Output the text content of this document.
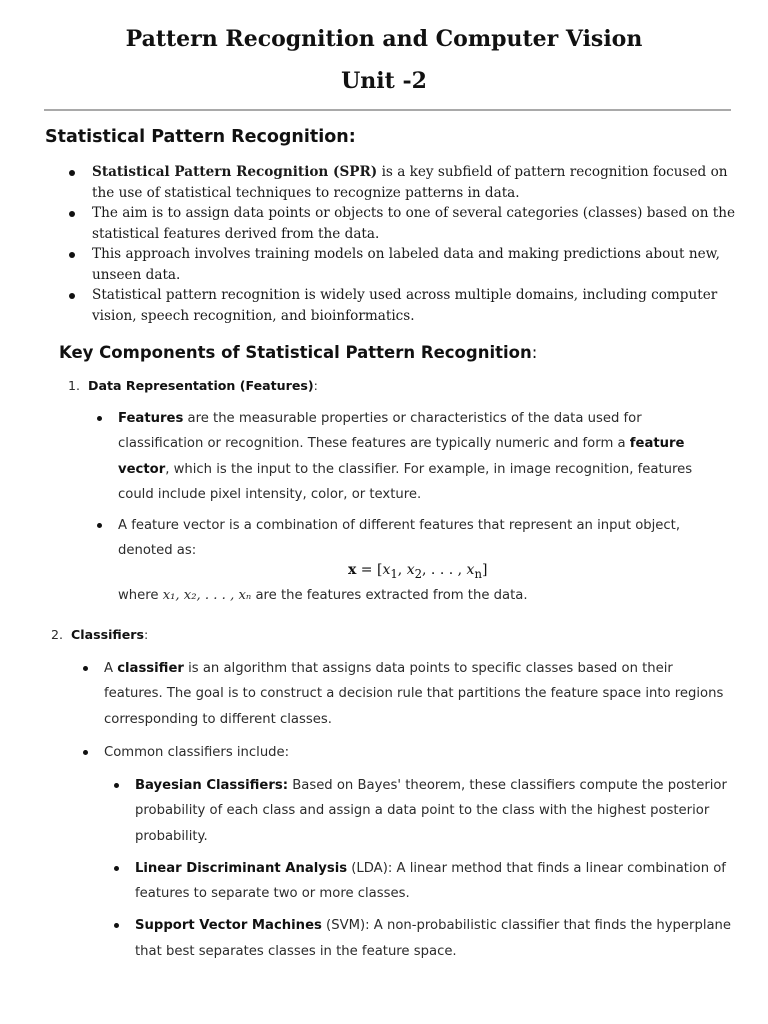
Pattern Recognition and Computer Vision
Unit -2
Statistical Pattern Recognition:
Statistical Pattern Recognition (SPR) is a key subfield of pattern recognition focused on the use of statistical techniques to recognize patterns in data.
The aim is to assign data points or objects to one of several categories (classes) based on the statistical features derived from the data.
This approach involves training models on labeled data and making predictions about new, unseen data.
Statistical pattern recognition is widely used across multiple domains, including computer vision, speech recognition, and bioinformatics.
Key Components of Statistical Pattern Recognition:
1. Data Representation (Features):
Features are the measurable properties or characteristics of the data used for classification or recognition. These features are typically numeric and form a feature vector, which is the input to the classifier. For example, in image recognition, features could include pixel intensity, color, or texture.
A feature vector is a combination of different features that represent an input object, denoted as:
$x = [x_1$, $x_2$, . . . , $x_n$]
where x₁, x₂, . . . , xₙ are the features extracted from the data.
2. Classifiers:
A classifier is an algorithm that assigns data points to specific classes based on their features. The goal is to construct a decision rule that partitions the feature space into regions corresponding to different classes.
Common classifiers include:
Bayesian Classifiers: Based on Bayes' theorem, these classifiers compute the posterior probability of each class and assign a data point to the class with the highest posterior probability.
Linear Discriminant Analysis (LDA): A linear method that finds a linear combination of features to separate two or more classes.
Support Vector Machines (SVM): A non-probabilistic classifier that finds the hyperplane that best separates classes in the feature space.
